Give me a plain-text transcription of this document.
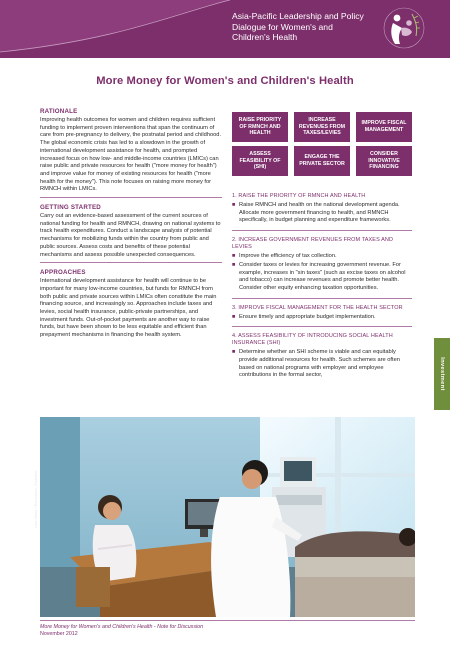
Asia-Pacific Leadership and Policy Dialogue for Women's and Children's Health
More Money for Women's and Children's Health
RATIONALE
Improving health outcomes for women and children requires sufficient funding to implement proven interventions that span the continuum of care from pre-pregnancy to delivery, the postnatal period and childhood. The global economic crisis has led to a slowdown in the growth of international development assistance for health, and prompted increased focus on how low- and middle-income countries (LMICs) can raise public and private resources for health ("more money for health") and improve value for money of existing resources for health ("more health for the money"). This note focuses on raising more money for RMNCH within LMICs.
GETTING STARTED
Carry out an evidence-based assessment of the current sources of national funding for health and RMNCH, drawing on national systems to track health expenditures. Conduct a landscape analysis of potential mechanisms for mobilizing funds within the country from public and public sources. Assess costs and benefits of these potential mechanisms and assess possible unexpected consequences.
APPROACHES
International development assistance for health will continue to be important for many low-income countries, but funds for RMNCH from both public and private sources within LMICs often constitute the main financing source, and increasingly so. Approaches include taxes and levies, social health insurance, public-private partnerships, and investment funds. Out-of-pocket payments are another way to raise funds, but have been shown to be less equitable and efficient than prepayment mechanisms in financing the health system.
RAISE PRIORITY OF RMNCH AND HEALTH
INCREASE REVENUES FROM TAXES/LEVIES
IMPROVE FISCAL MANAGEMENT
ASSESS FEASIBILITY OF (SHI)
ENGAGE THE PRIVATE SECTOR
CONSIDER INNOVATIVE FINANCING
1. RAISE THE PRIORITY OF RMNCH AND HEALTH
■ Raise RMNCH and health on the national development agenda. Allocate more government financing to health, and RMNCH specifically, in budget planning and expenditure frameworks.
2. INCREASE GOVERNMENT REVENUES FROM TAXES AND LEVIES
■ Improve the efficiency of tax collection.
■ Consider taxes or levies for increasing government revenue. For example, increases in "sin taxes" (such as excise taxes on alcohol and tobacco) can increase revenues and promote better health. Consider other equity enhancing taxation opportunities.
3. IMPROVE FISCAL MANAGEMENT FOR THE HEALTH SECTOR
■ Ensure timely and appropriate budget implementation.
4. ASSESS FEASIBILITY OF INTRODUCING SOCIAL HEALTH INSURANCE (SHI)
■ Determine whether an SHI scheme is viable and can equitably provide additional resources for health. Such schemes are often based on national programs with employer and employee contributions in the formal sector,	Investment
Liza Muris / Barcelona, Zuumbel
More Money for Women's and Children's Health - Note for Discussion
November 2012
